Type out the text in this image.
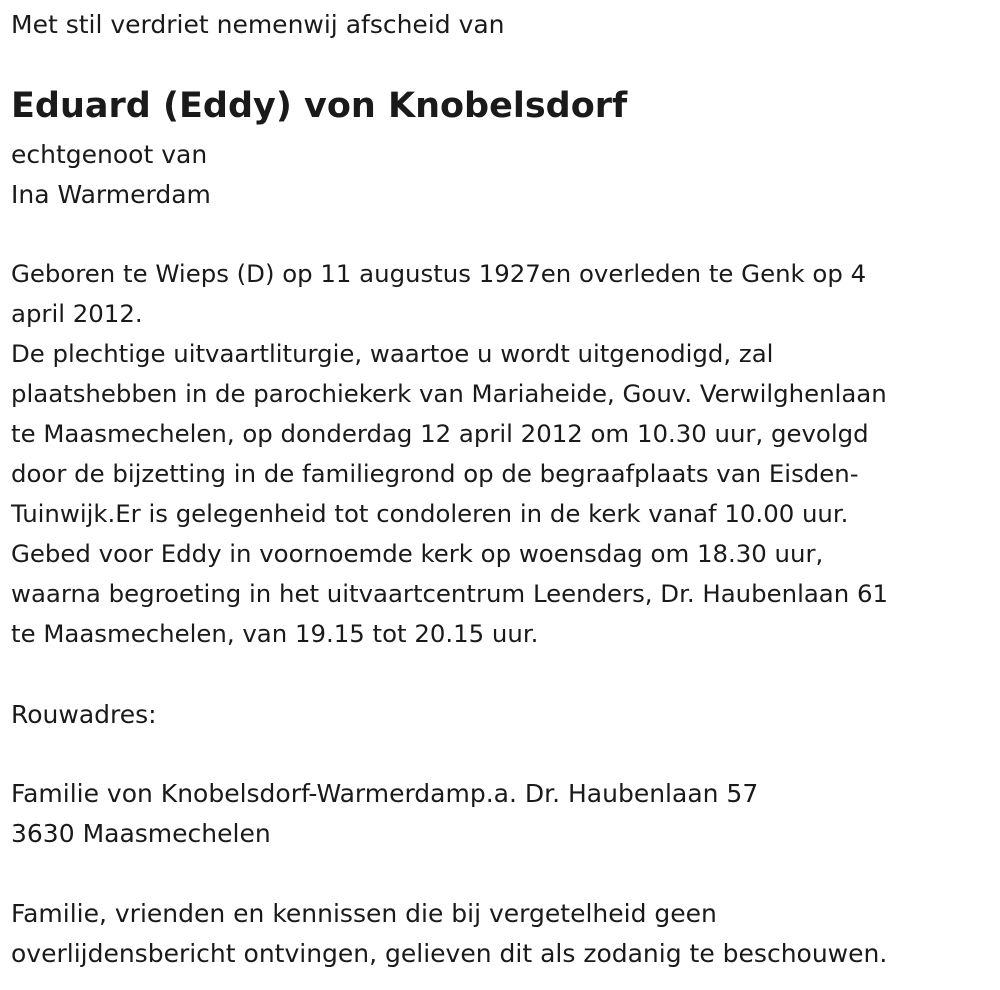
Met stil verdriet nemenwij afscheid van
Eduard (Eddy) von Knobelsdorf
echtgenoot van
Ina Warmerdam
Geboren te Wieps (D) op 11 augustus 1927en overleden te Genk op 4
april 2012.
De plechtige uitvaartliturgie, waartoe u wordt uitgenodigd, zal
plaatshebben in de parochiekerk van Mariaheide, Gouv. Verwilghenlaan
te Maasmechelen, op donderdag 12 april 2012 om 10.30 uur, gevolgd
door de bijzetting in de familiegrond op de begraafplaats van Eisden-
Tuinwijk.Er is gelegenheid tot condoleren in de kerk vanaf 10.00 uur.
Gebed voor Eddy in voornoemde kerk op woensdag om 18.30 uur,
waarna begroeting in het uitvaartcentrum Leenders, Dr. Haubenlaan 61
te Maasmechelen, van 19.15 tot 20.15 uur.
Rouwadres:
Familie von Knobelsdorf-Warmerdamp.a. Dr. Haubenlaan 57
3630 Maasmechelen
Familie, vrienden en kennissen die bij vergetelheid geen
overlijdensbericht ontvingen, gelieven dit als zodanig te beschouwen.
